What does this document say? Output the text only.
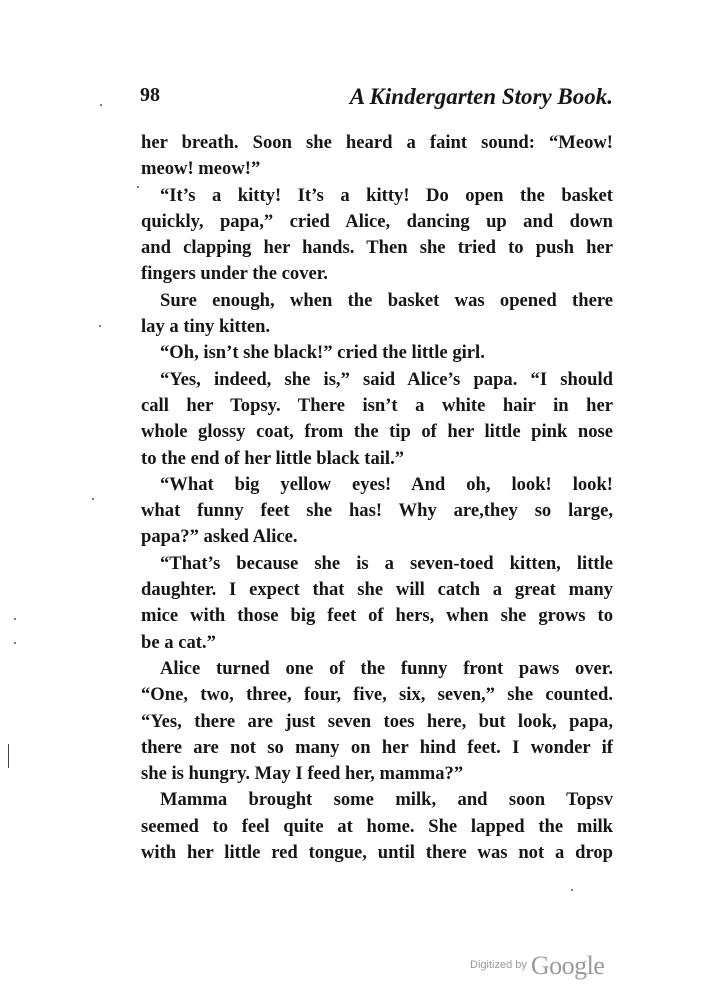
98	A Kindergarten Story Book.
her breath. Soon she heard a faint sound: “Meow!
meow! meow!”
“It’s a kitty! It’s a kitty! Do open the basket
quickly, papa,” cried Alice, dancing up and down
and clapping her hands. Then she tried to push her
fingers under the cover.
Sure enough, when the basket was opened there
lay a tiny kitten.
“Oh, isn’t she black!” cried the little girl.
“Yes, indeed, she is,” said Alice’s papa. “I should
call her Topsy. There isn’t a white hair in her
whole glossy coat, from the tip of her little pink nose
to the end of her little black tail.”
“What big yellow eyes! And oh, look! look!
what funny feet she has! Why are,they so large,
papa?” asked Alice.
“That’s because she is a seven-toed kitten, little
daughter. I expect that she will catch a great many
mice with those big feet of hers, when she grows to
be a cat.”
Alice turned one of the funny front paws over.
“One, two, three, four, five, six, seven,” she counted.
“Yes, there are just seven toes here, but look, papa,
there are not so many on her hind feet. I wonder if
she is hungry. May I feed her, mamma?”
Mamma brought some milk, and soon Topsv
seemed to feel quite at home. She lapped the milk
with her little red tongue, until there was not a drop
$^{Digitized by}$ Google
